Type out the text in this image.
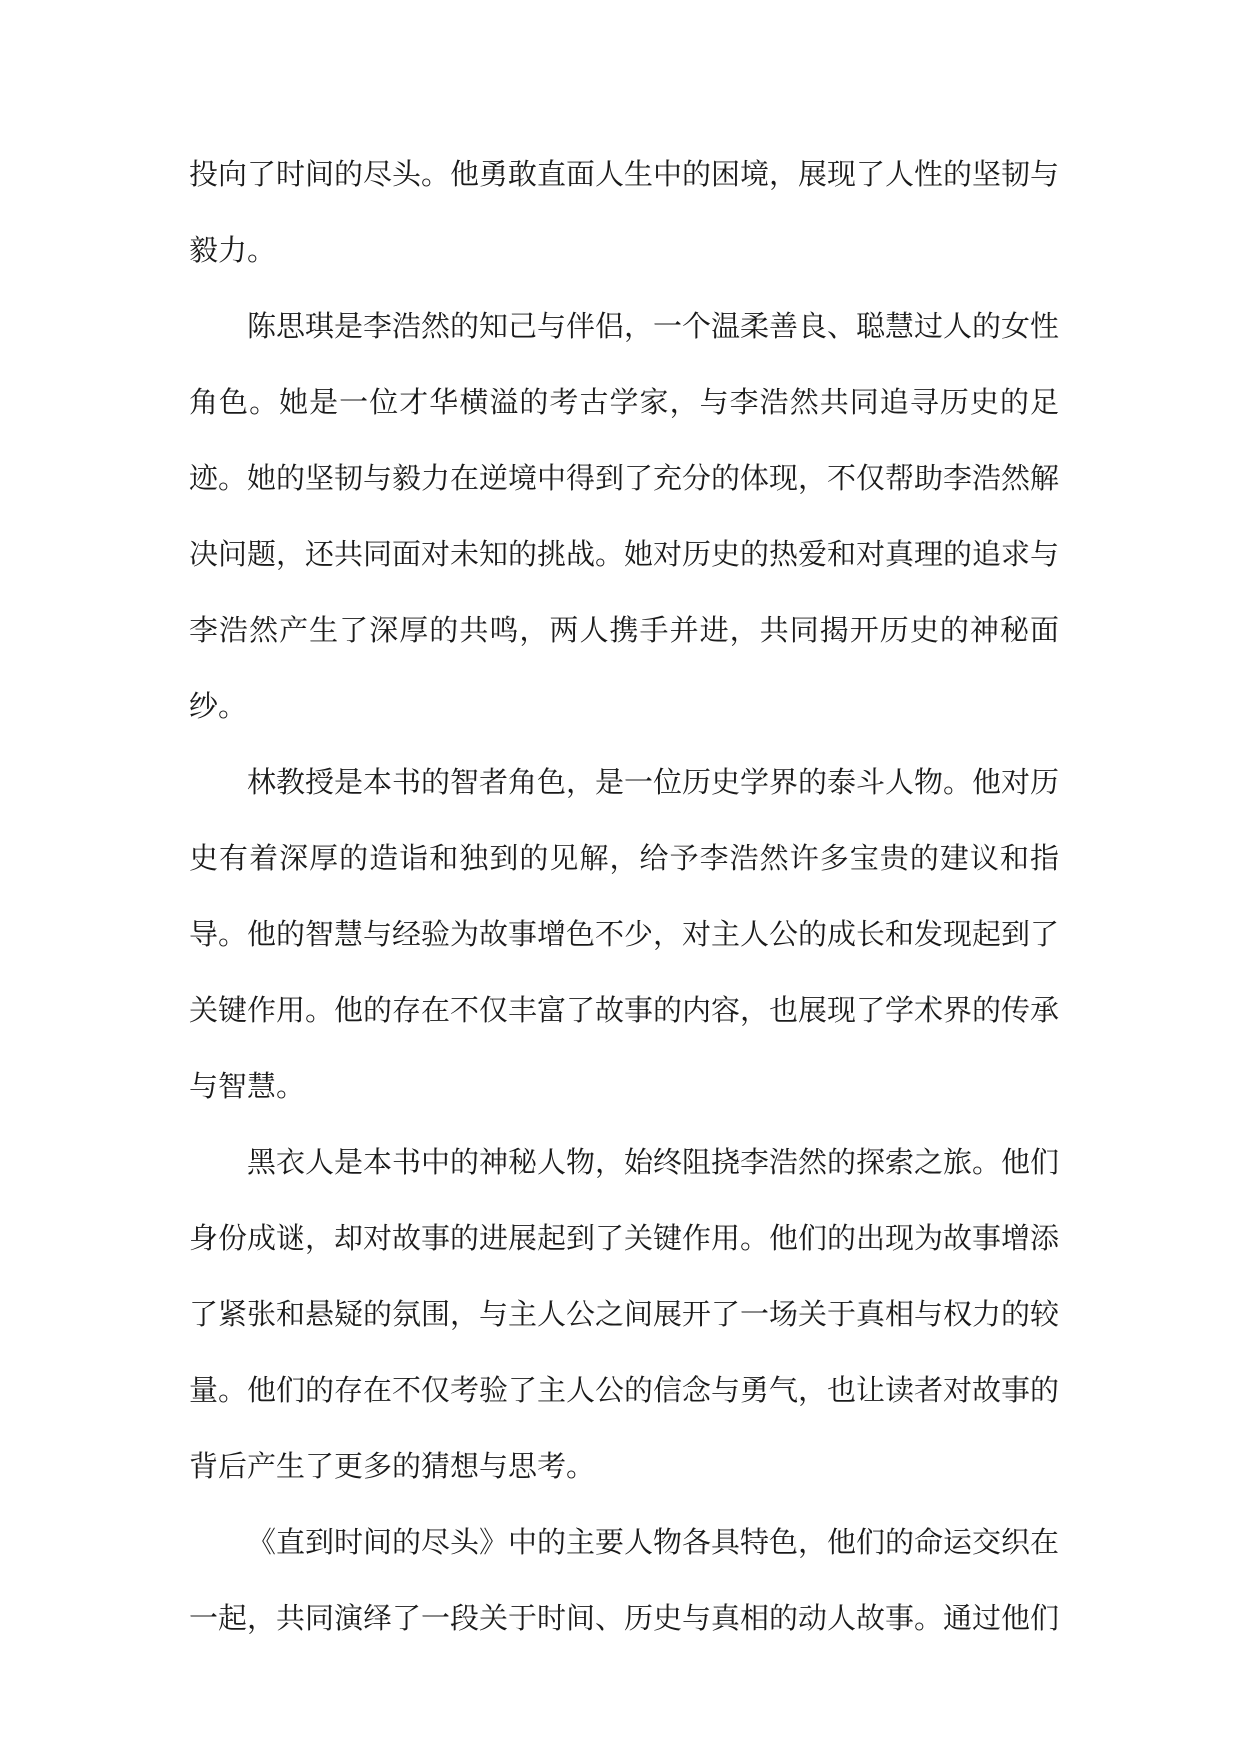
投向了时间的尽头。他勇敢直面人生中的困境，展现了人性的坚韧与毅力。

陈思琪是李浩然的知己与伴侣，一个温柔善良、聪慧过人的女性角色。她是一位才华横溢的考古学家，与李浩然共同追寻历史的足迹。她的坚韧与毅力在逆境中得到了充分的体现，不仅帮助李浩然解决问题，还共同面对未知的挑战。她对历史的热爱和对真理的追求与李浩然产生了深厚的共鸣，两人携手并进，共同揭开历史的神秘面纱。

林教授是本书的智者角色，是一位历史学界的泰斗人物。他对历史有着深厚的造诣和独到的见解，给予李浩然许多宝贵的建议和指导。他的智慧与经验为故事增色不少，对主人公的成长和发现起到了关键作用。他的存在不仅丰富了故事的内容，也展现了学术界的传承与智慧。

黑衣人是本书中的神秘人物，始终阻挠李浩然的探索之旅。他们身份成谜，却对故事的进展起到了关键作用。他们的出现为故事增添了紧张和悬疑的氛围，与主人公之间展开了一场关于真相与权力的较量。他们的存在不仅考验了主人公的信念与勇气，也让读者对故事的背后产生了更多的猜想与思考。

《直到时间的尽头》中的主要人物各具特色，他们的命运交织在一起，共同演绎了一段关于时间、历史与真相的动人故事。通过他们
